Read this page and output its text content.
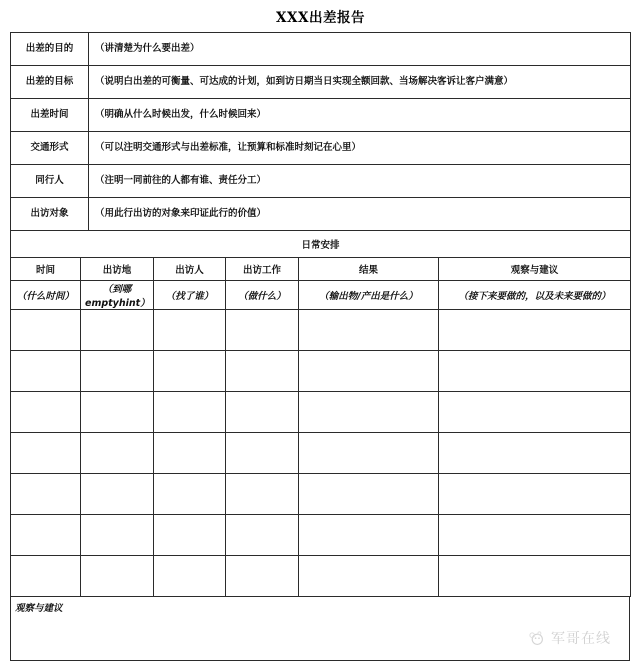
XXX出差报告	
出差的目的	（讲清楚为什么要出差）
出差的目标	（说明白出差的可衡量、可达成的计划，如到访日期当日实现全额回款、当场解决客诉让客户满意）
出差时间	（明确从什么时候出发，什么时候回来）
交通形式	（可以注明交通形式与出差标准，让预算和标准时刻记在心里）
同行人	（注明一同前往的人都有谁、责任分工）
出访对象	（用此行出访的对象来印证此行的价值）
日常安排					
时间	出访地	出访人	出访工作	结果	观察与建议
（什么时间）	（到哪emptyhint）	（找了谁）	（做什么）	（输出物/产出是什么）	（接下来要做的，以及未来要做的）

观察与建议
军哥在线
